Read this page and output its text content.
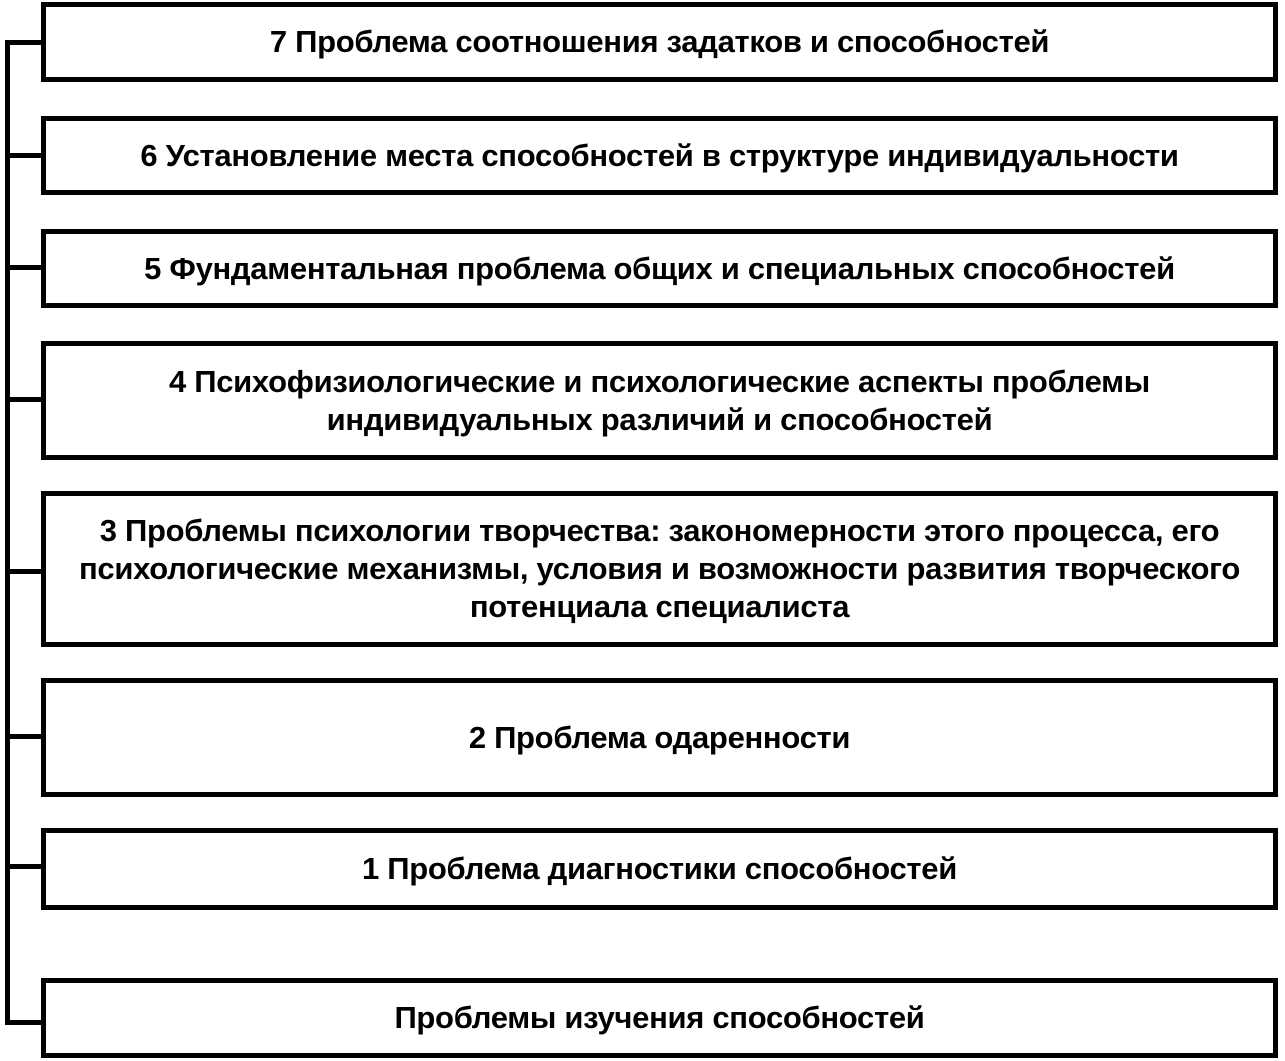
7 Проблема соотношения задатков и способностей
6 Установление места способностей в структуре индивидуальности
5 Фундаментальная проблема общих и специальных способностей
4 Психофизиологические и психологические аспекты проблемы индивидуальных различий и способностей
3 Проблемы психологии творчества: закономерности этого процесса, его психологические механизмы, условия и возможности развития творческого потенциала специалиста
2 Проблема одаренности
1 Проблема диагностики способностей
Проблемы изучения способностей
